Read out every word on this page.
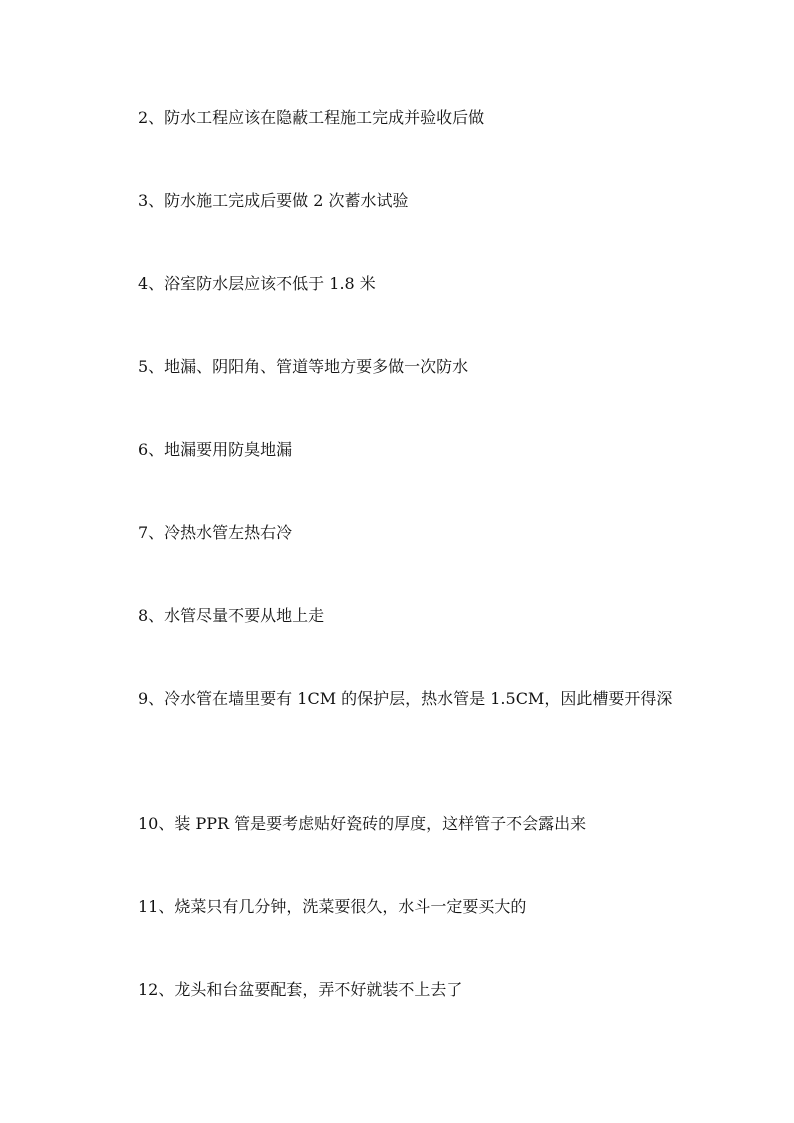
2、防水工程应该在隐蔽工程施工完成并验收后做

3、防水施工完成后要做 2 次蓄水试验

4、浴室防水层应该不低于 1.8 米

5、地漏、阴阳角、管道等地方要多做一次防水

6、地漏要用防臭地漏

7、冷热水管左热右冷

8、水管尽量不要从地上走

9、冷水管在墙里要有 1CM 的保护层，热水管是 1.5CM，因此槽要开得深

10、装 PPR 管是要考虑贴好瓷砖的厚度，这样管子不会露出来

11、烧菜只有几分钟，洗菜要很久，水斗一定要买大的

12、龙头和台盆要配套，弄不好就装不上去了
